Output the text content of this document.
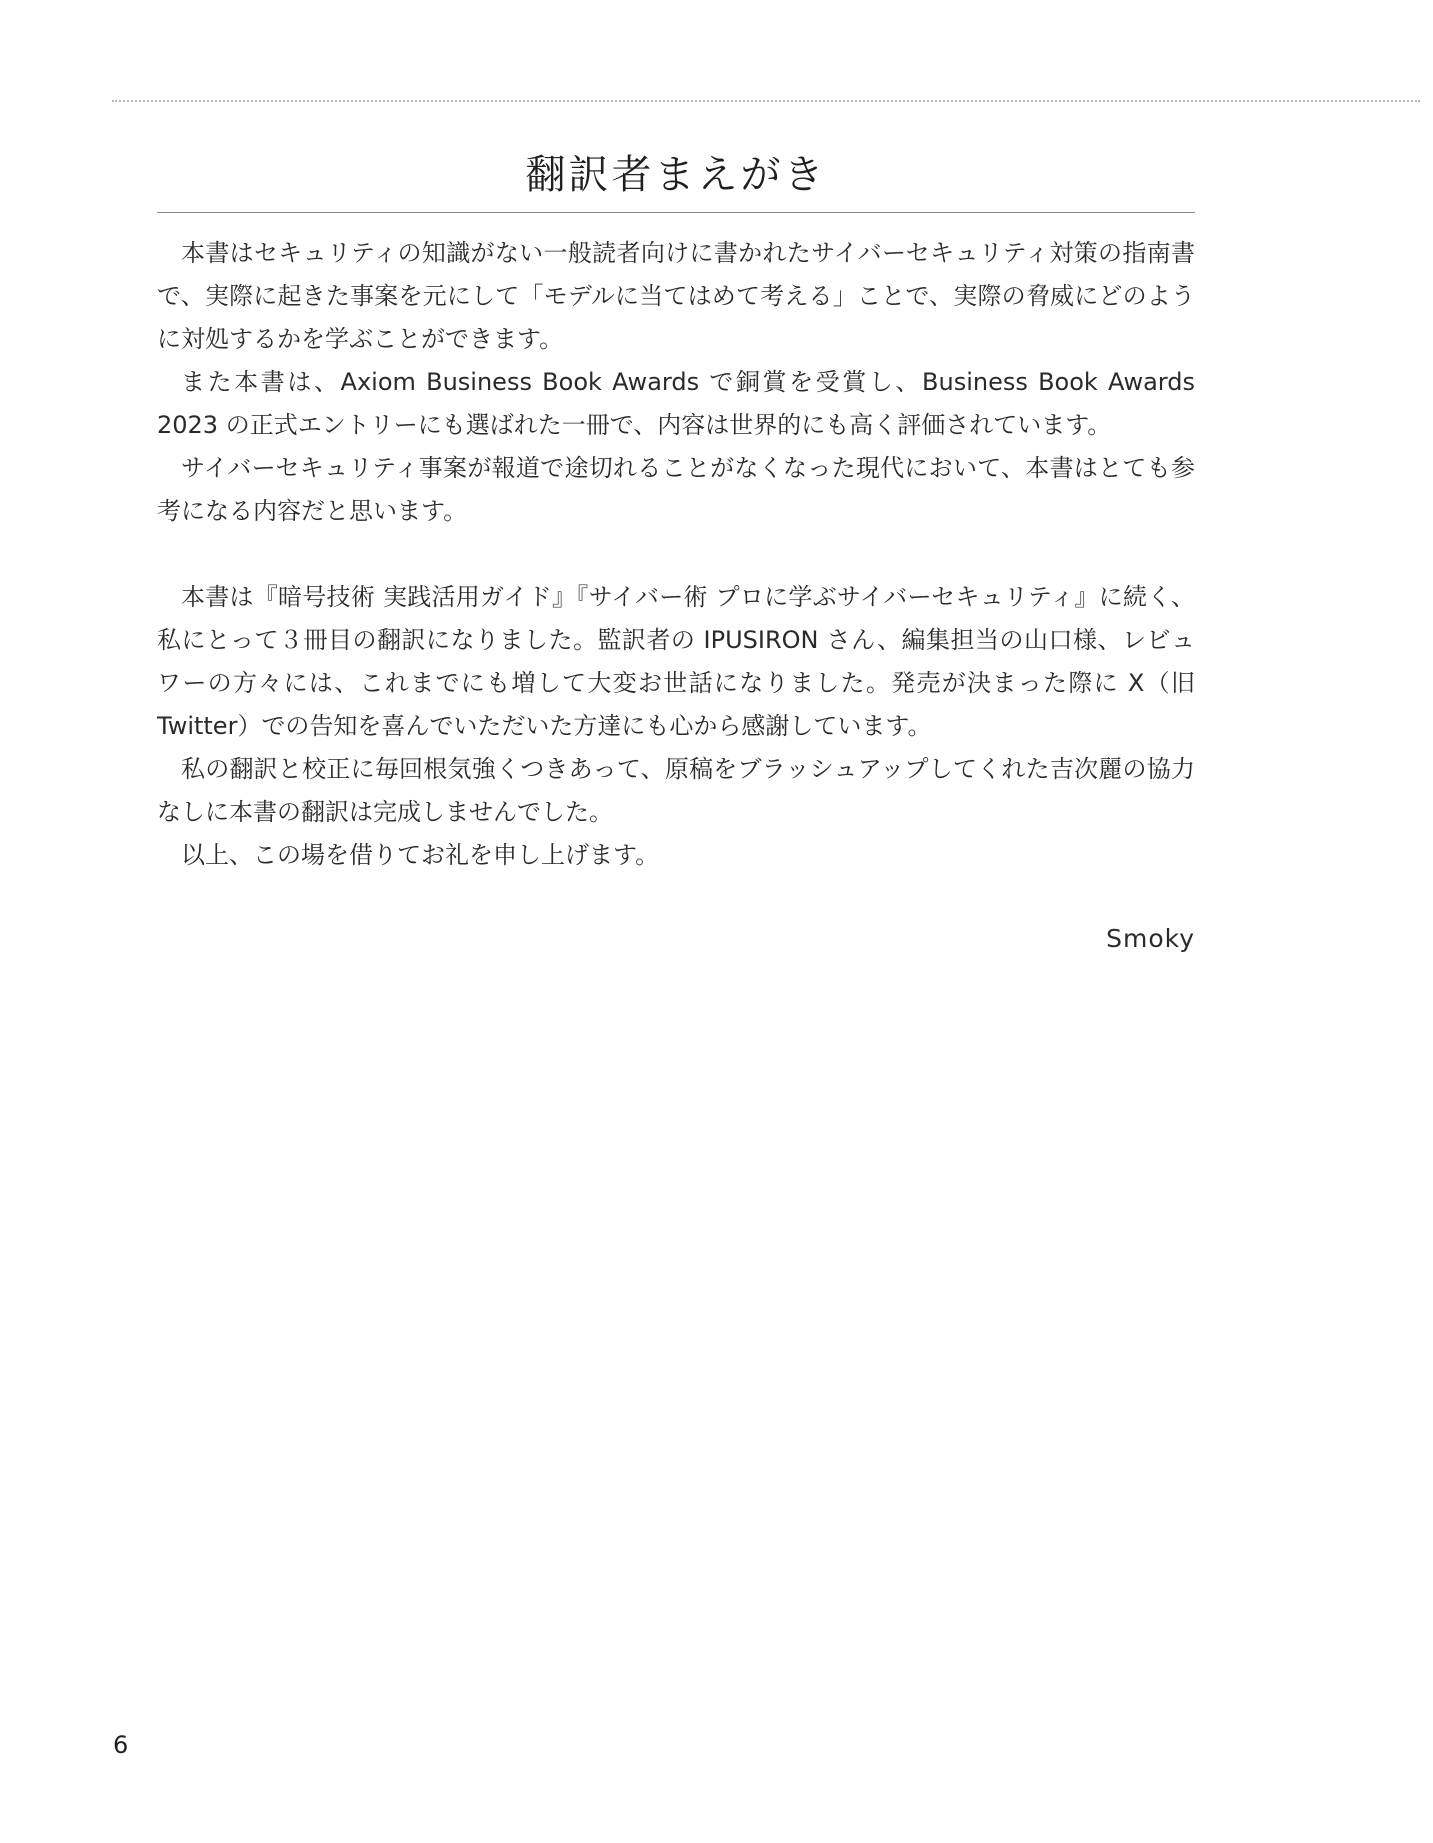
翻訳者まえがき

本書はセキュリティの知識がない一般読者向けに書かれたサイバーセキュリティ対策の指南書で、実際に起きた事案を元にして「モデルに当てはめて考える」ことで、実際の脅威にどのように対処するかを学ぶことができます。

また本書は、Axiom Business Book Awards で銅賞を受賞し、Business Book Awards 2023 の正式エントリーにも選ばれた一冊で、内容は世界的にも高く評価されています。

サイバーセキュリティ事案が報道で途切れることがなくなった現代において、本書はとても参考になる内容だと思います。

本書は『暗号技術 実践活用ガイド』『サイバー術 プロに学ぶサイバーセキュリティ』に続く、私にとって３冊目の翻訳になりました。監訳者の IPUSIRON さん、編集担当の山口様、レビュワーの方々には、これまでにも増して大変お世話になりました。発売が決まった際に X（旧 Twitter）での告知を喜んでいただいた方達にも心から感謝しています。

私の翻訳と校正に毎回根気強くつきあって、原稿をブラッシュアップしてくれた吉次麗の協力なしに本書の翻訳は完成しませんでした。

以上、この場を借りてお礼を申し上げます。

Smoky
6
